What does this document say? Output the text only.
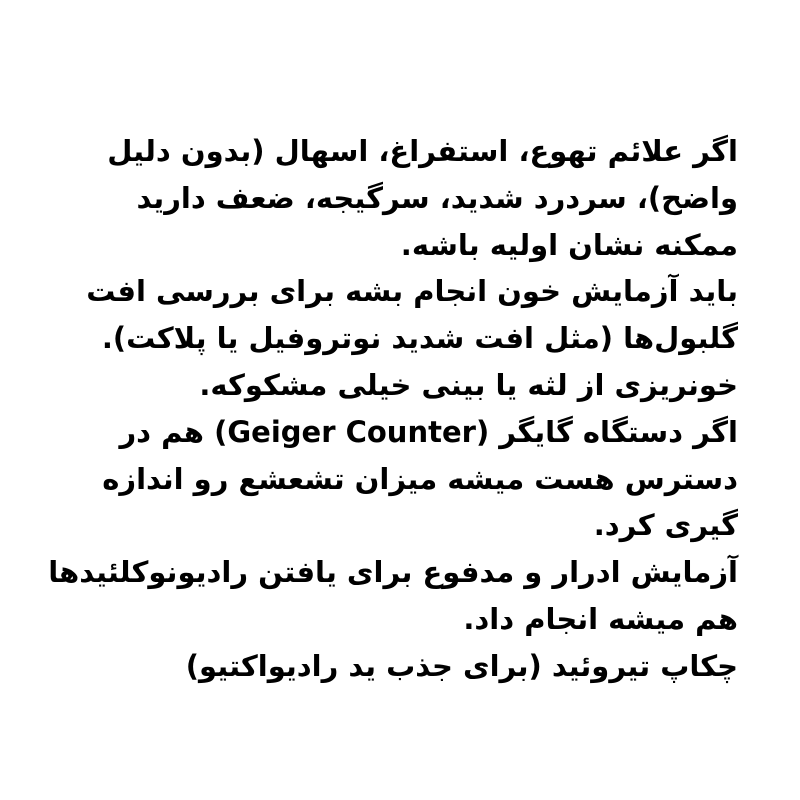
اگر علائم تهوع، استفراغ، اسهال (بدون دلیل
واضح)، سردرد شدید، سرگیجه، ضعف دارید
ممکنه نشان اولیه باشه.
باید آزمایش خون انجام بشه برای بررسی افت
گلبول‌ها (مثل افت شدید نوتروفیل یا پلاکت).
خونریزی از لثه یا بینی خیلی مشکوکه.
اگر دستگاه گایگر (Geiger Counter) هم در
دسترس هست میشه میزان تشعشع رو اندازه
گیری کرد.
آزمایش ادرار و مدفوع برای یافتن رادیونوکلئیدها
هم میشه انجام داد.
چکاپ تیروئید (برای جذب ید رادیواکتیو)
